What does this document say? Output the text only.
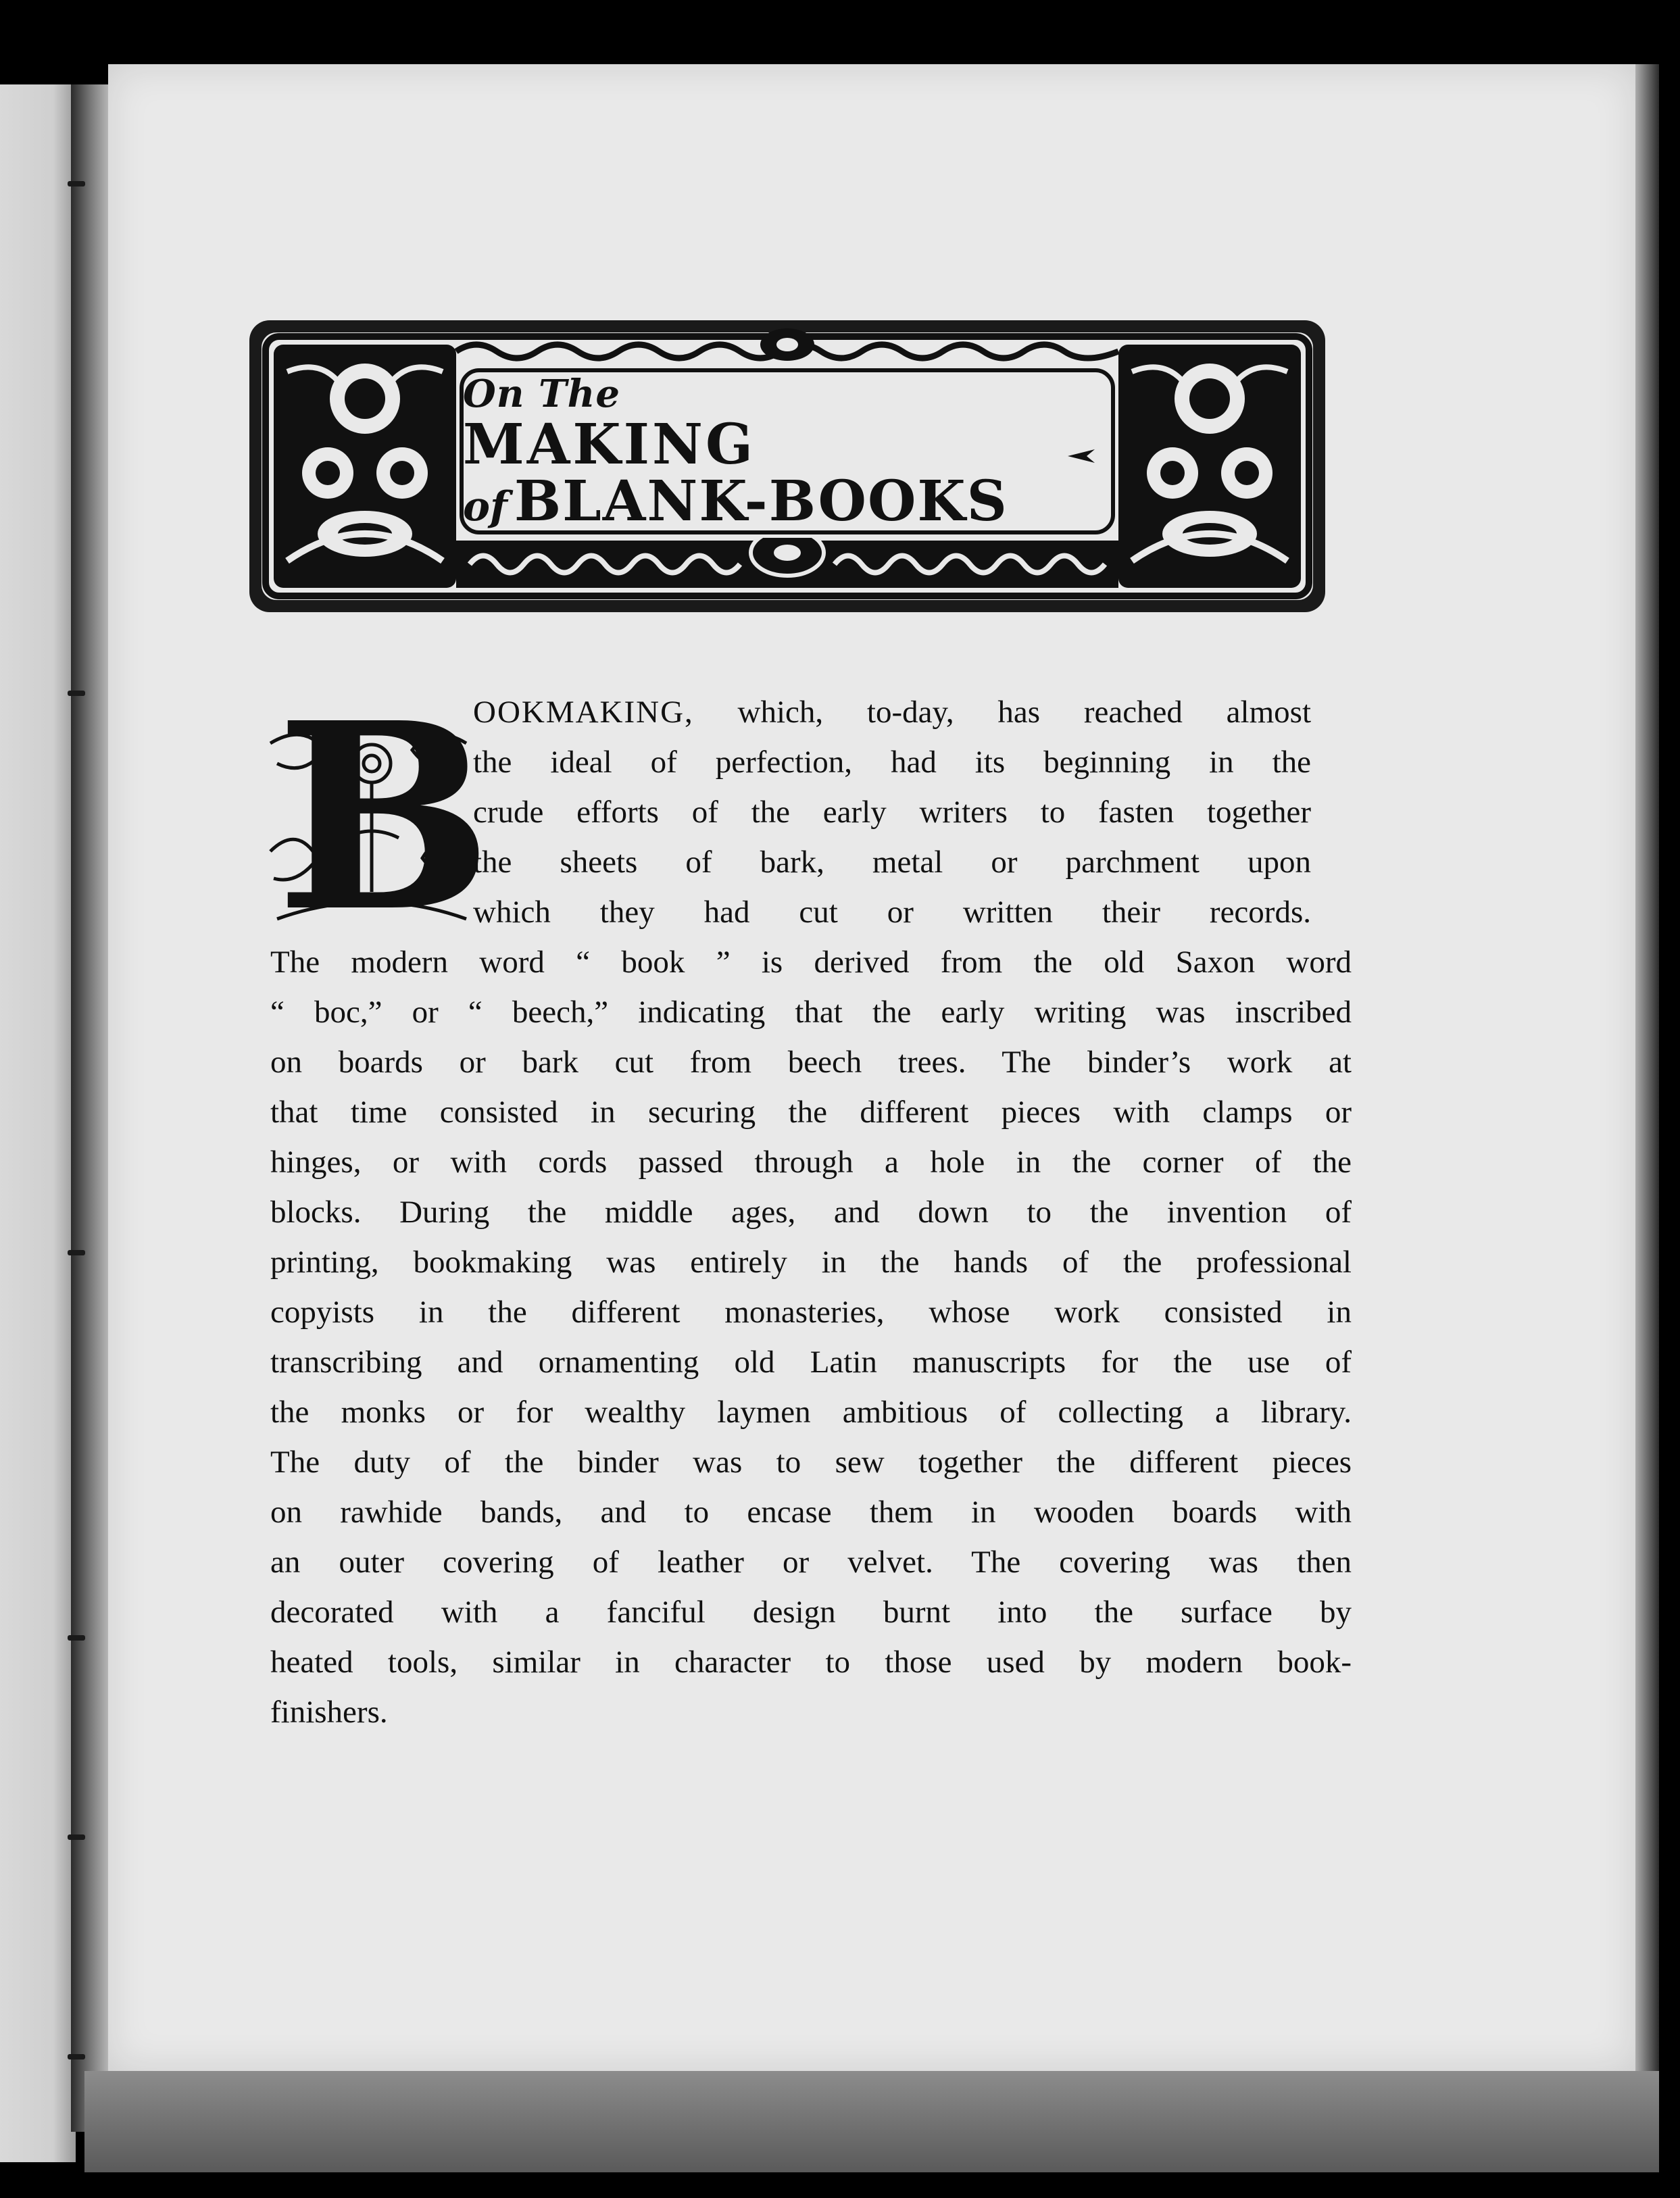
On The
MAKING
of BLANK-BOOKS
B
OOKMAKING, which, to-day, has reached almost
the ideal of perfection, had its beginning in the
crude efforts of the early writers to fasten together
the sheets of bark, metal or parchment upon
which they had cut or written their records.
The modern word “ book ” is derived from the old Saxon word
“ boc,” or “ beech,” indicating that the early writing was inscribed
on boards or bark cut from beech trees. The binder’s work at
that time consisted in securing the different pieces with clamps or
hinges, or with cords passed through a hole in the corner of the
blocks. During the middle ages, and down to the invention of
printing, bookmaking was entirely in the hands of the professional
copyists in the different monasteries, whose work consisted in
transcribing and ornamenting old Latin manuscripts for the use of
the monks or for wealthy laymen ambitious of collecting a library.
The duty of the binder was to sew together the different pieces
on rawhide bands, and to encase them in wooden boards with
an outer covering of leather or velvet. The covering was then
decorated with a fanciful design burnt into the surface by
heated tools, similar in character to those used by modern book-
finishers.
